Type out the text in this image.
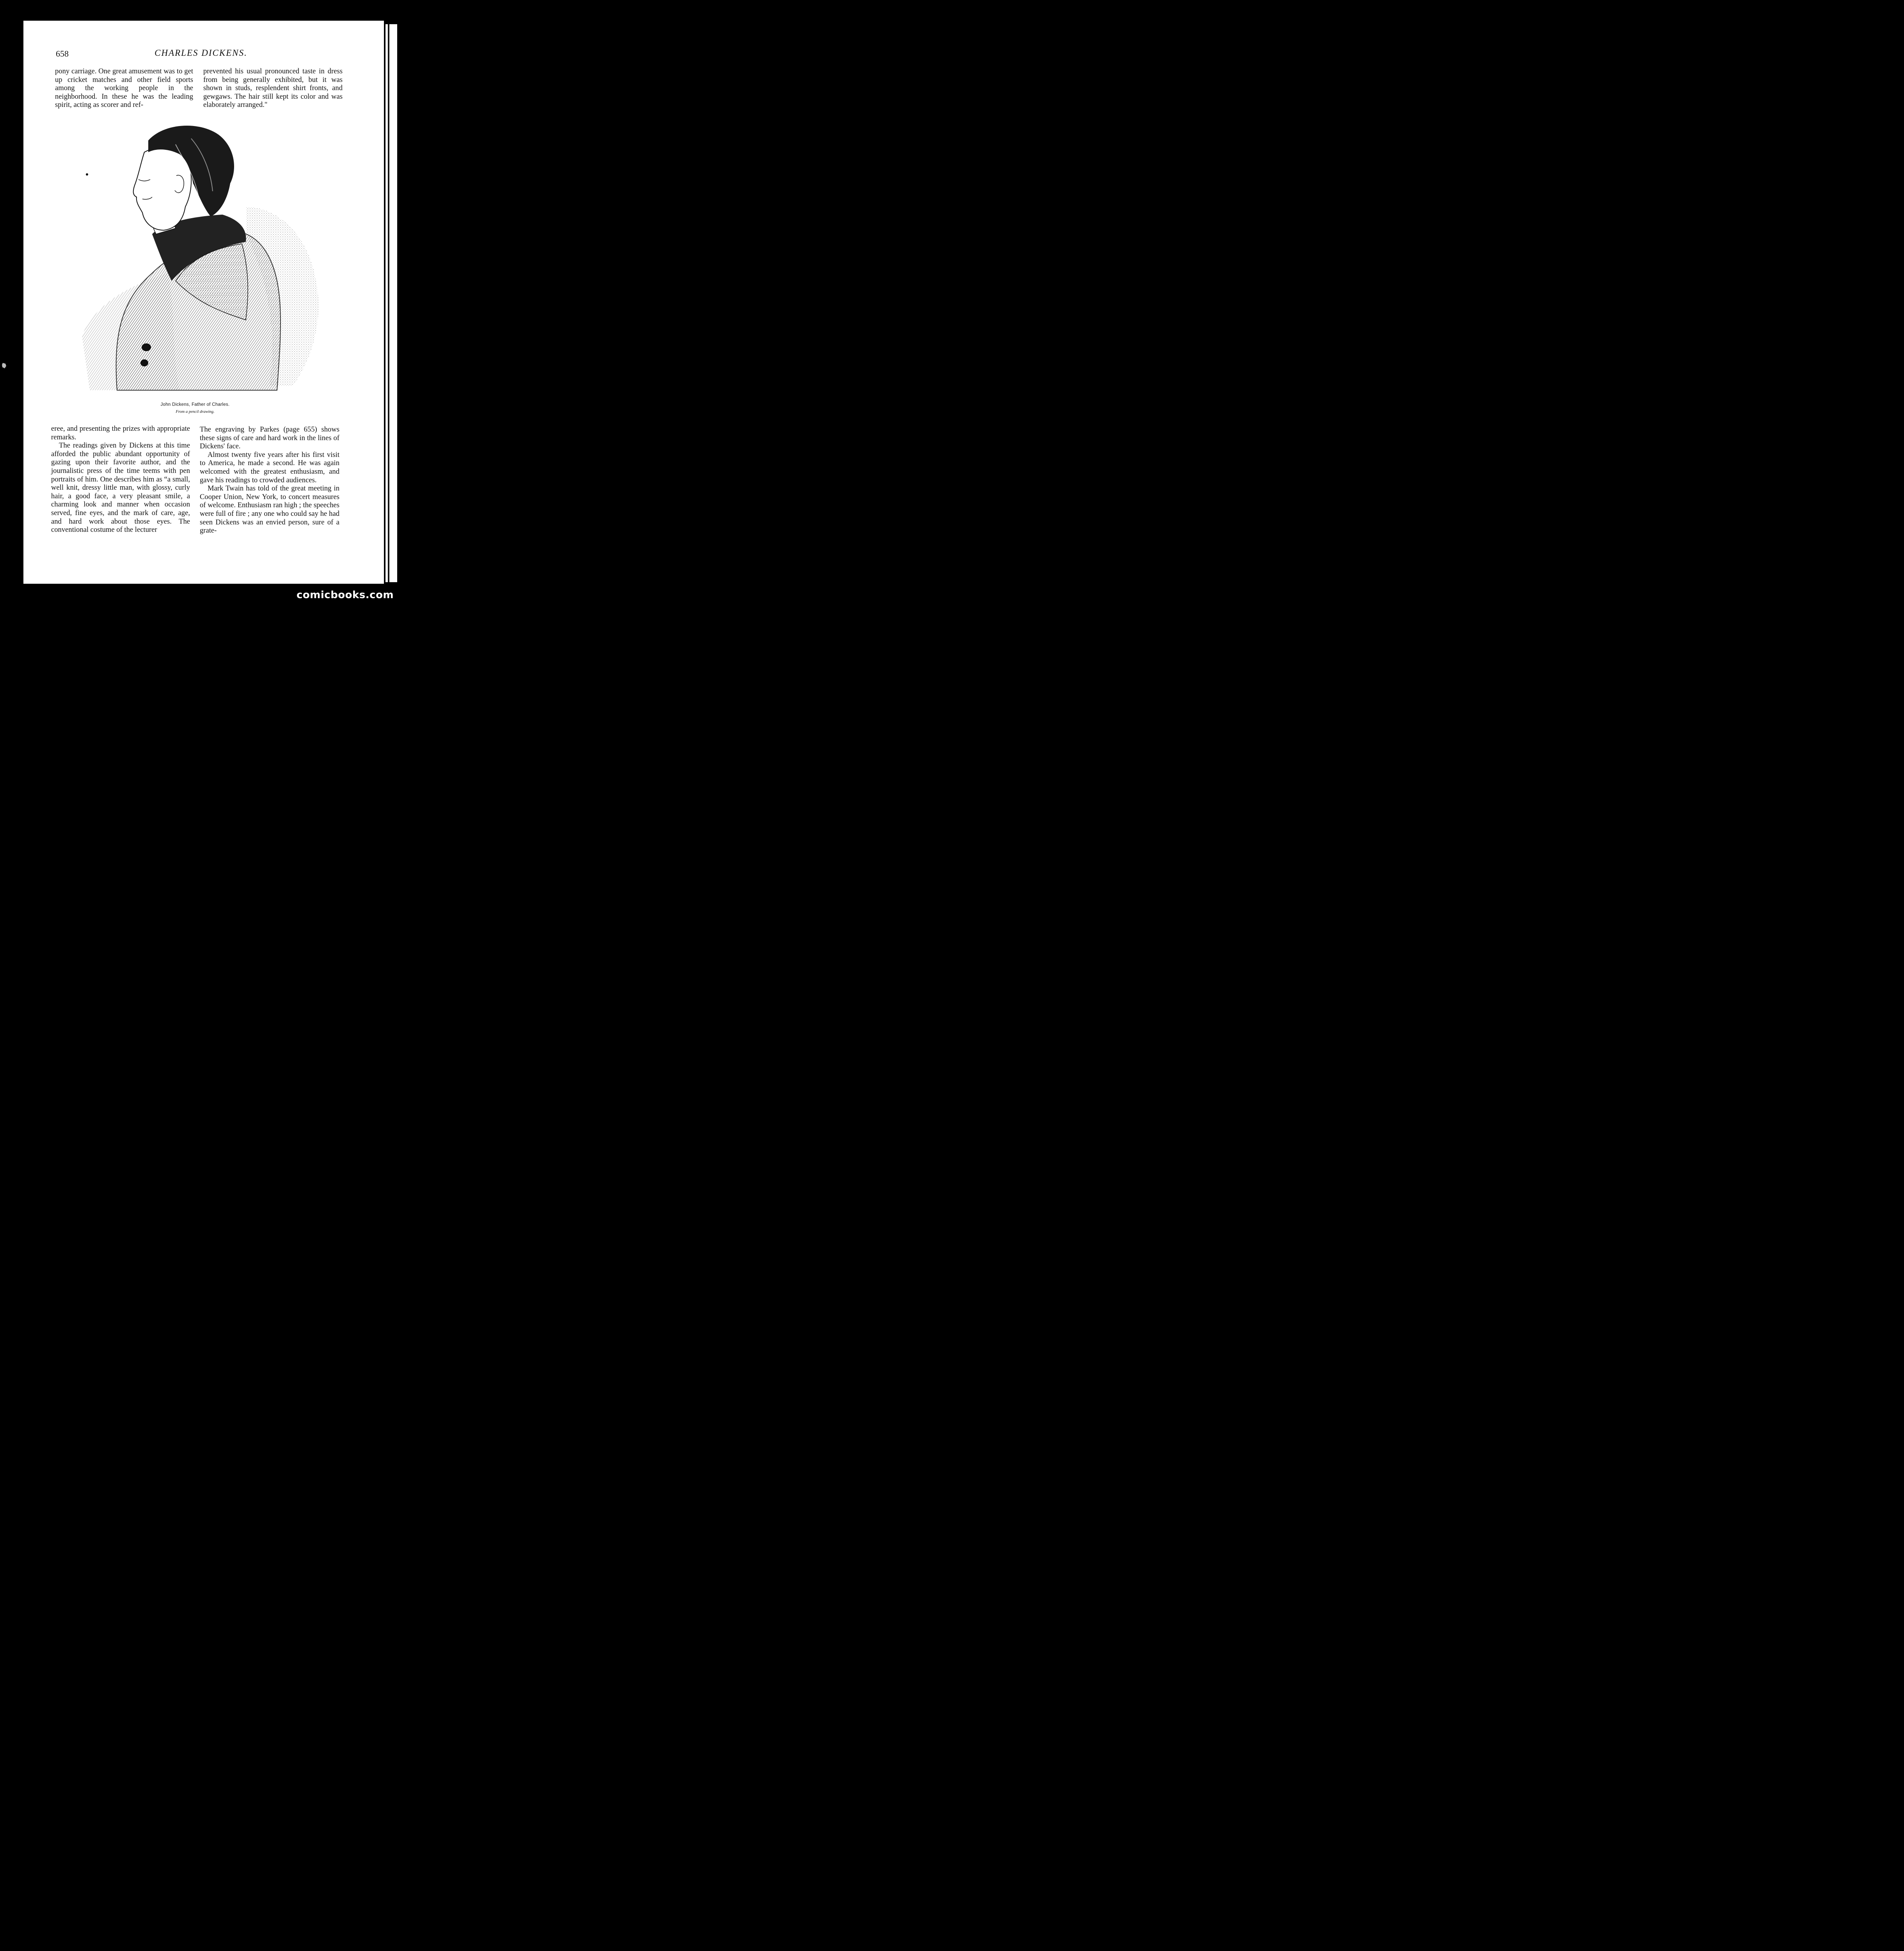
658	CHARLES DICKENS.

pony carriage. One great amusement was to get up cricket matches and other field sports among the working people in the neighborhood. In these he was the leading spirit, acting as scorer and ref-

prevented his usual pronounced taste in dress from being generally exhibited, but it was shown in studs, resplendent shirt fronts, and gewgaws. The hair still kept its color and was elaborately arranged."

John Dickens, Father of Charles.
From a pencil drawing.

eree, and presenting the prizes with appropriate remarks.

The readings given by Dickens at this time afforded the public abundant opportunity of gazing upon their favorite author, and the journalistic press of the time teems with pen portraits of him. One describes him as “a small, well knit, dressy little man, with glossy, curly hair, a good face, a very pleasant smile, a charming look and manner when occasion served, fine eyes, and the mark of care, age, and hard work about those eyes. The conventional costume of the lecturer

The engraving by Parkes (page 655) shows these signs of care and hard work in the lines of Dickens' face.

Almost twenty five years after his first visit to America, he made a second. He was again welcomed with the greatest enthusiasm, and gave his readings to crowded audiences.

Mark Twain has told of the great meeting in Cooper Union, New York, to concert measures of welcome. Enthusiasm ran high ; the speeches were full of fire ; any one who could say he had seen Dickens was an envied person, sure of a grate-

comicbooks.com
